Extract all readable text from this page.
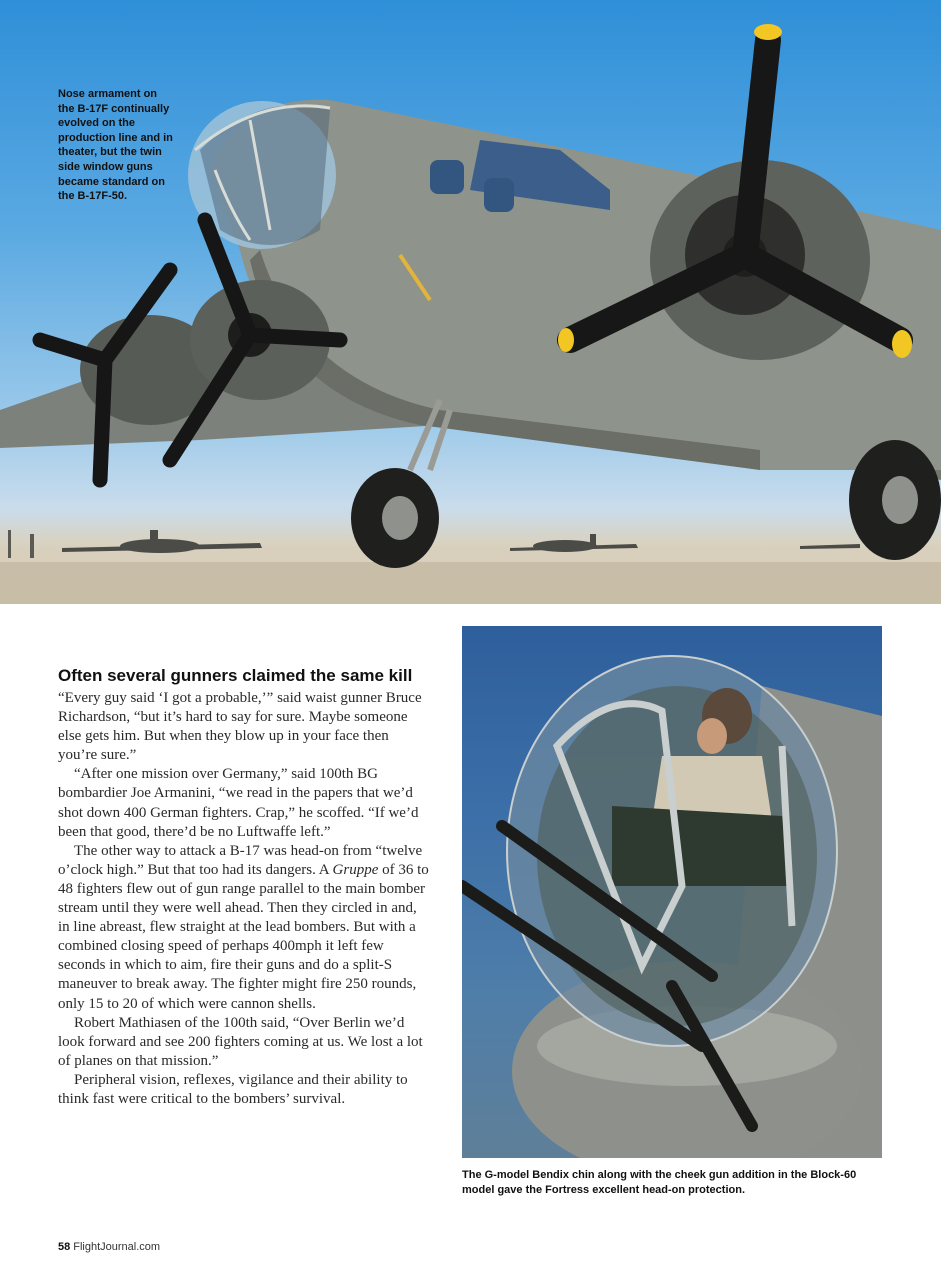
Nose armament on the B-17F continually evolved on the production line and in theater, but the twin side window guns became standard on the B-17F-50.

Often several gunners claimed the same kill

“Every guy said ‘I got a probable,’” said waist gunner Bruce Richardson, “but it’s hard to say for sure. Maybe someone else gets him. But when they blow up in your face then you’re sure.”

“After one mission over Germany,” said 100th BG bombardier Joe Armanini, “we read in the papers that we’d shot down 400 German fighters. Crap,” he scoffed. “If we’d been that good, there’d be no Luftwaffe left.”

The other way to attack a B-17 was head-on from “twelve o’clock high.” But that too had its dangers. A Gruppe of 36 to 48 fighters flew out of gun range parallel to the main bomber stream until they were well ahead. Then they circled in and, in line abreast, flew straight at the lead bombers. But with a combined closing speed of perhaps 400mph it left few seconds in which to aim, fire their guns and do a split-S maneuver to break away. The fighter might fire 250 rounds, only 15 to 20 of which were cannon shells.

Robert Mathiasen of the 100th said, “Over Berlin we’d look forward and see 200 fighters coming at us. We lost a lot of planes on that mission.”

Peripheral vision, reflexes, vigilance and their ability to think fast were critical to the bombers’ survival.

The G-model Bendix chin along with the cheek gun addition in the Block-60 model gave the Fortress excellent head-on protection.

58 FlightJournal.com
